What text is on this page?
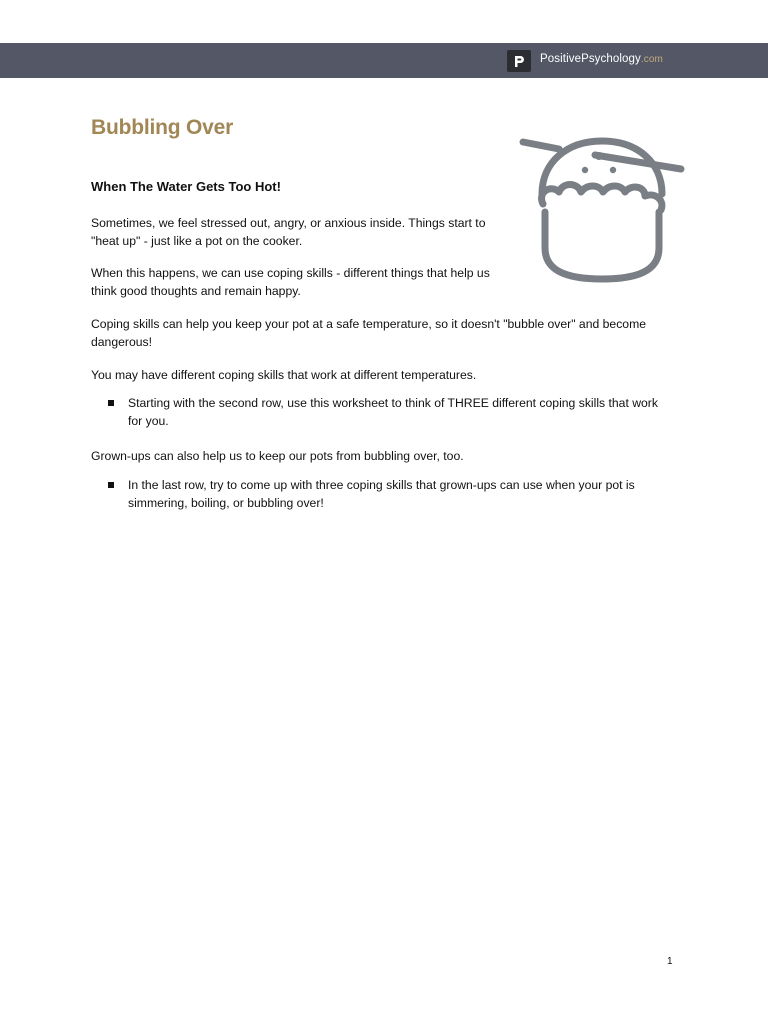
PositivePsychology.com
Bubbling Over
When The Water Gets Too Hot!

Sometimes, we feel stressed out, angry, or anxious inside. Things start to "heat up" - just like a pot on the cooker.

When this happens, we can use coping skills - different things that help us think good thoughts and remain happy.

Coping skills can help you keep your pot at a safe temperature, so it doesn't "bubble over" and become dangerous!

You may have different coping skills that work at different temperatures.

Starting with the second row, use this worksheet to think of THREE different coping skills that work for you.

Grown-ups can also help us to keep our pots from bubbling over, too.

In the last row, try to come up with three coping skills that grown-ups can use when your pot is simmering, boiling, or bubbling over!

1
